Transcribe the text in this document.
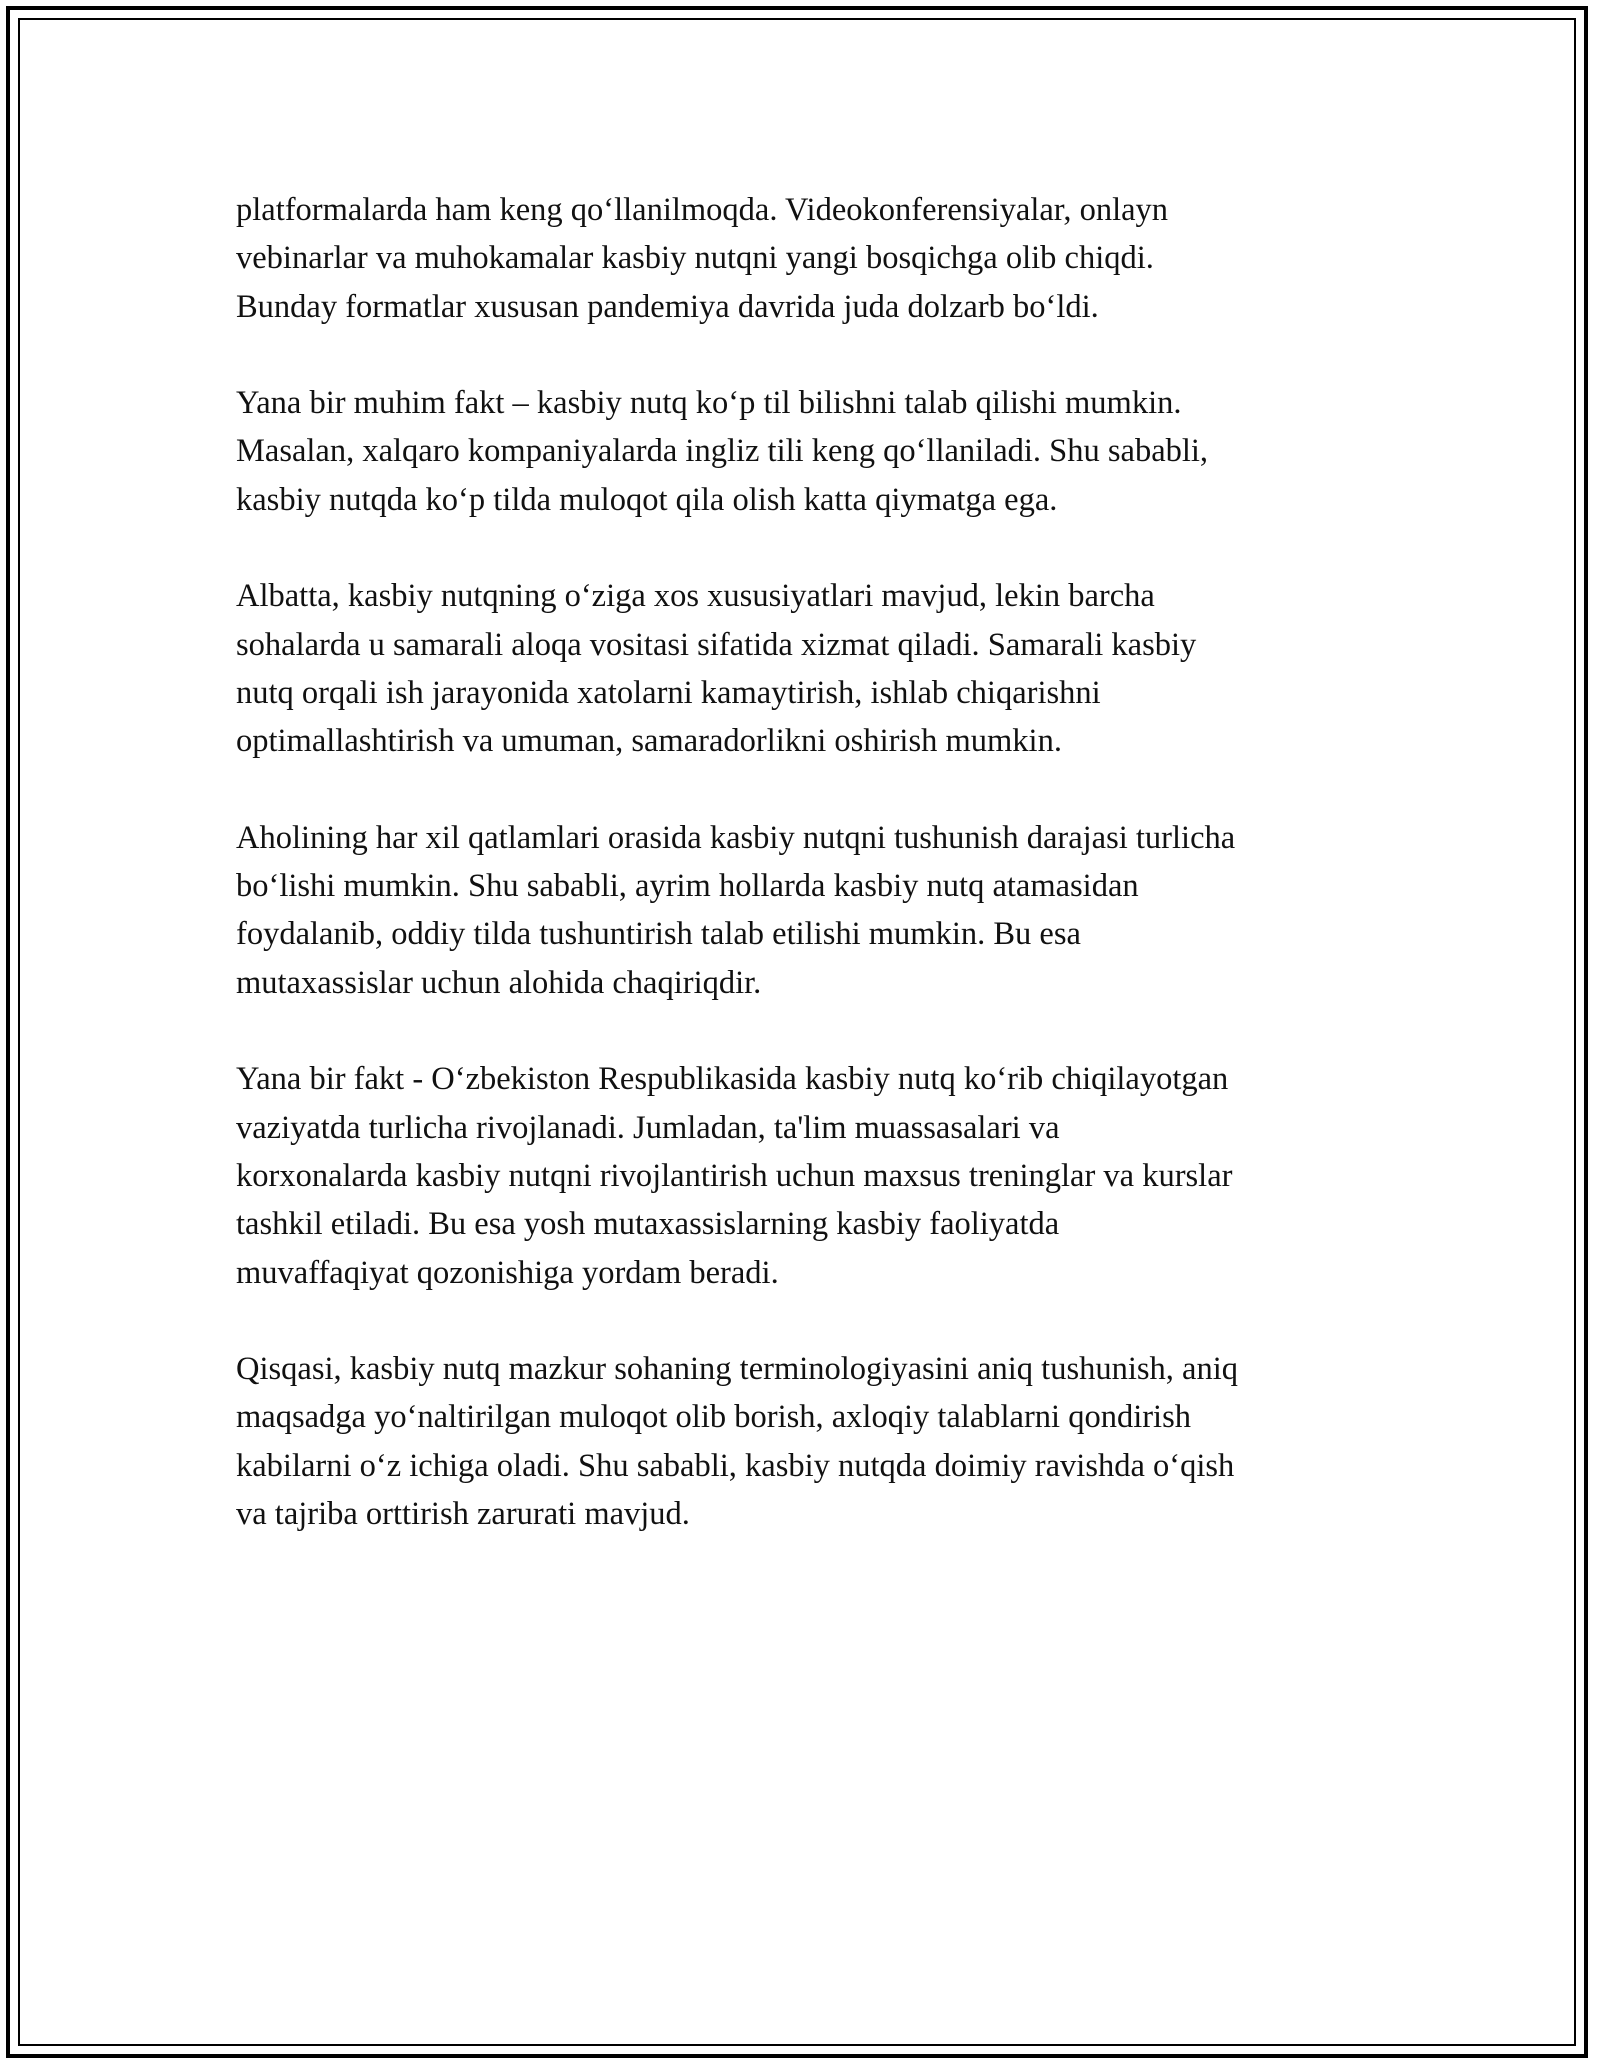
platformalarda ham keng qo‘llanilmoqda. Videokonferensiyalar, onlayn
vebinarlar va muhokamalar kasbiy nutqni yangi bosqichga olib chiqdi.
Bunday formatlar xususan pandemiya davrida juda dolzarb bo‘ldi.

Yana bir muhim fakt – kasbiy nutq ko‘p til bilishni talab qilishi mumkin.
Masalan, xalqaro kompaniyalarda ingliz tili keng qo‘llaniladi. Shu sababli,
kasbiy nutqda ko‘p tilda muloqot qila olish katta qiymatga ega.

Albatta, kasbiy nutqning o‘ziga xos xususiyatlari mavjud, lekin barcha
sohalarda u samarali aloqa vositasi sifatida xizmat qiladi. Samarali kasbiy
nutq orqali ish jarayonida xatolarni kamaytirish, ishlab chiqarishni
optimallashtirish va umuman, samaradorlikni oshirish mumkin.

Aholining har xil qatlamlari orasida kasbiy nutqni tushunish darajasi turlicha
bo‘lishi mumkin. Shu sababli, ayrim hollarda kasbiy nutq atamasidan
foydalanib, oddiy tilda tushuntirish talab etilishi mumkin. Bu esa
mutaxassislar uchun alohida chaqiriqdir.

Yana bir fakt - O‘zbekiston Respublikasida kasbiy nutq ko‘rib chiqilayotgan
vaziyatda turlicha rivojlanadi. Jumladan, ta'lim muassasalari va
korxonalarda kasbiy nutqni rivojlantirish uchun maxsus treninglar va kurslar
tashkil etiladi. Bu esa yosh mutaxassislarning kasbiy faoliyatda
muvaffaqiyat qozonishiga yordam beradi.

Qisqasi, kasbiy nutq mazkur sohaning terminologiyasini aniq tushunish, aniq
maqsadga yo‘naltirilgan muloqot olib borish, axloqiy talablarni qondirish
kabilarni o‘z ichiga oladi. Shu sababli, kasbiy nutqda doimiy ravishda o‘qish
va tajriba orttirish zarurati mavjud.
